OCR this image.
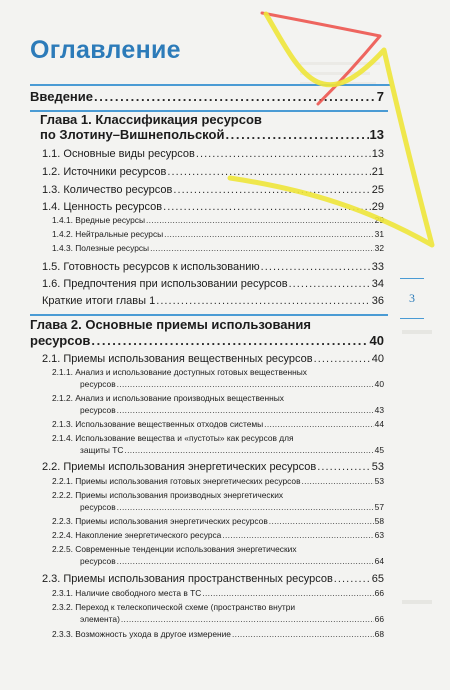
Оглавление
Введение . . .	7
Глава 1. Классификация ресурсов
по Злотину–Вишнепольской . . .	13
1.1. Основные виды ресурсов . . .	13
1.2. Источники ресурсов . . .	21
1.3. Количество ресурсов . . .	25
1.4. Ценность ресурсов . . .	29
1.4.1. Вредные ресурсы . . .	29
1.4.2. Нейтральные ресурсы . . .	31
1.4.3. Полезные ресурсы . . .	32
1.5. Готовность ресурсов к использованию . . .	33
1.6. Предпочтения при использовании ресурсов . . .	34
Краткие итоги главы 1 . . .	36
Глава 2. Основные приемы использования
ресурсов . . .	40
2.1. Приемы использования вещественных ресурсов . . .	40
2.1.1. Анализ и использование доступных готовых вещественных
ресурсов . . .	40
2.1.2. Анализ и использование производных вещественных
ресурсов . . .	43
2.1.3. Использование вещественных отходов системы . . .	44
2.1.4. Использование вещества и «пустоты» как ресурсов для
защиты ТС . . .	45
2.2. Приемы использования энергетических ресурсов . . .	53
2.2.1. Приемы использования готовых энергетических ресурсов . . .	53
2.2.2. Приемы использования производных энергетических
ресурсов . . .	57
2.2.3. Приемы использования энергетических ресурсов . . .	58
2.2.4. Накопление энергетического ресурса . . .	63
2.2.5. Современные тенденции использования энергетических
ресурсов . . .	64
2.3. Приемы использования пространственных ресурсов . . .	65
2.3.1. Наличие свободного места в ТС . . .	66
2.3.2. Переход к телескопической схеме (пространство внутри
элемента) . . .	66
2.3.3. Возможность ухода в другое измерение . . .	68
3
